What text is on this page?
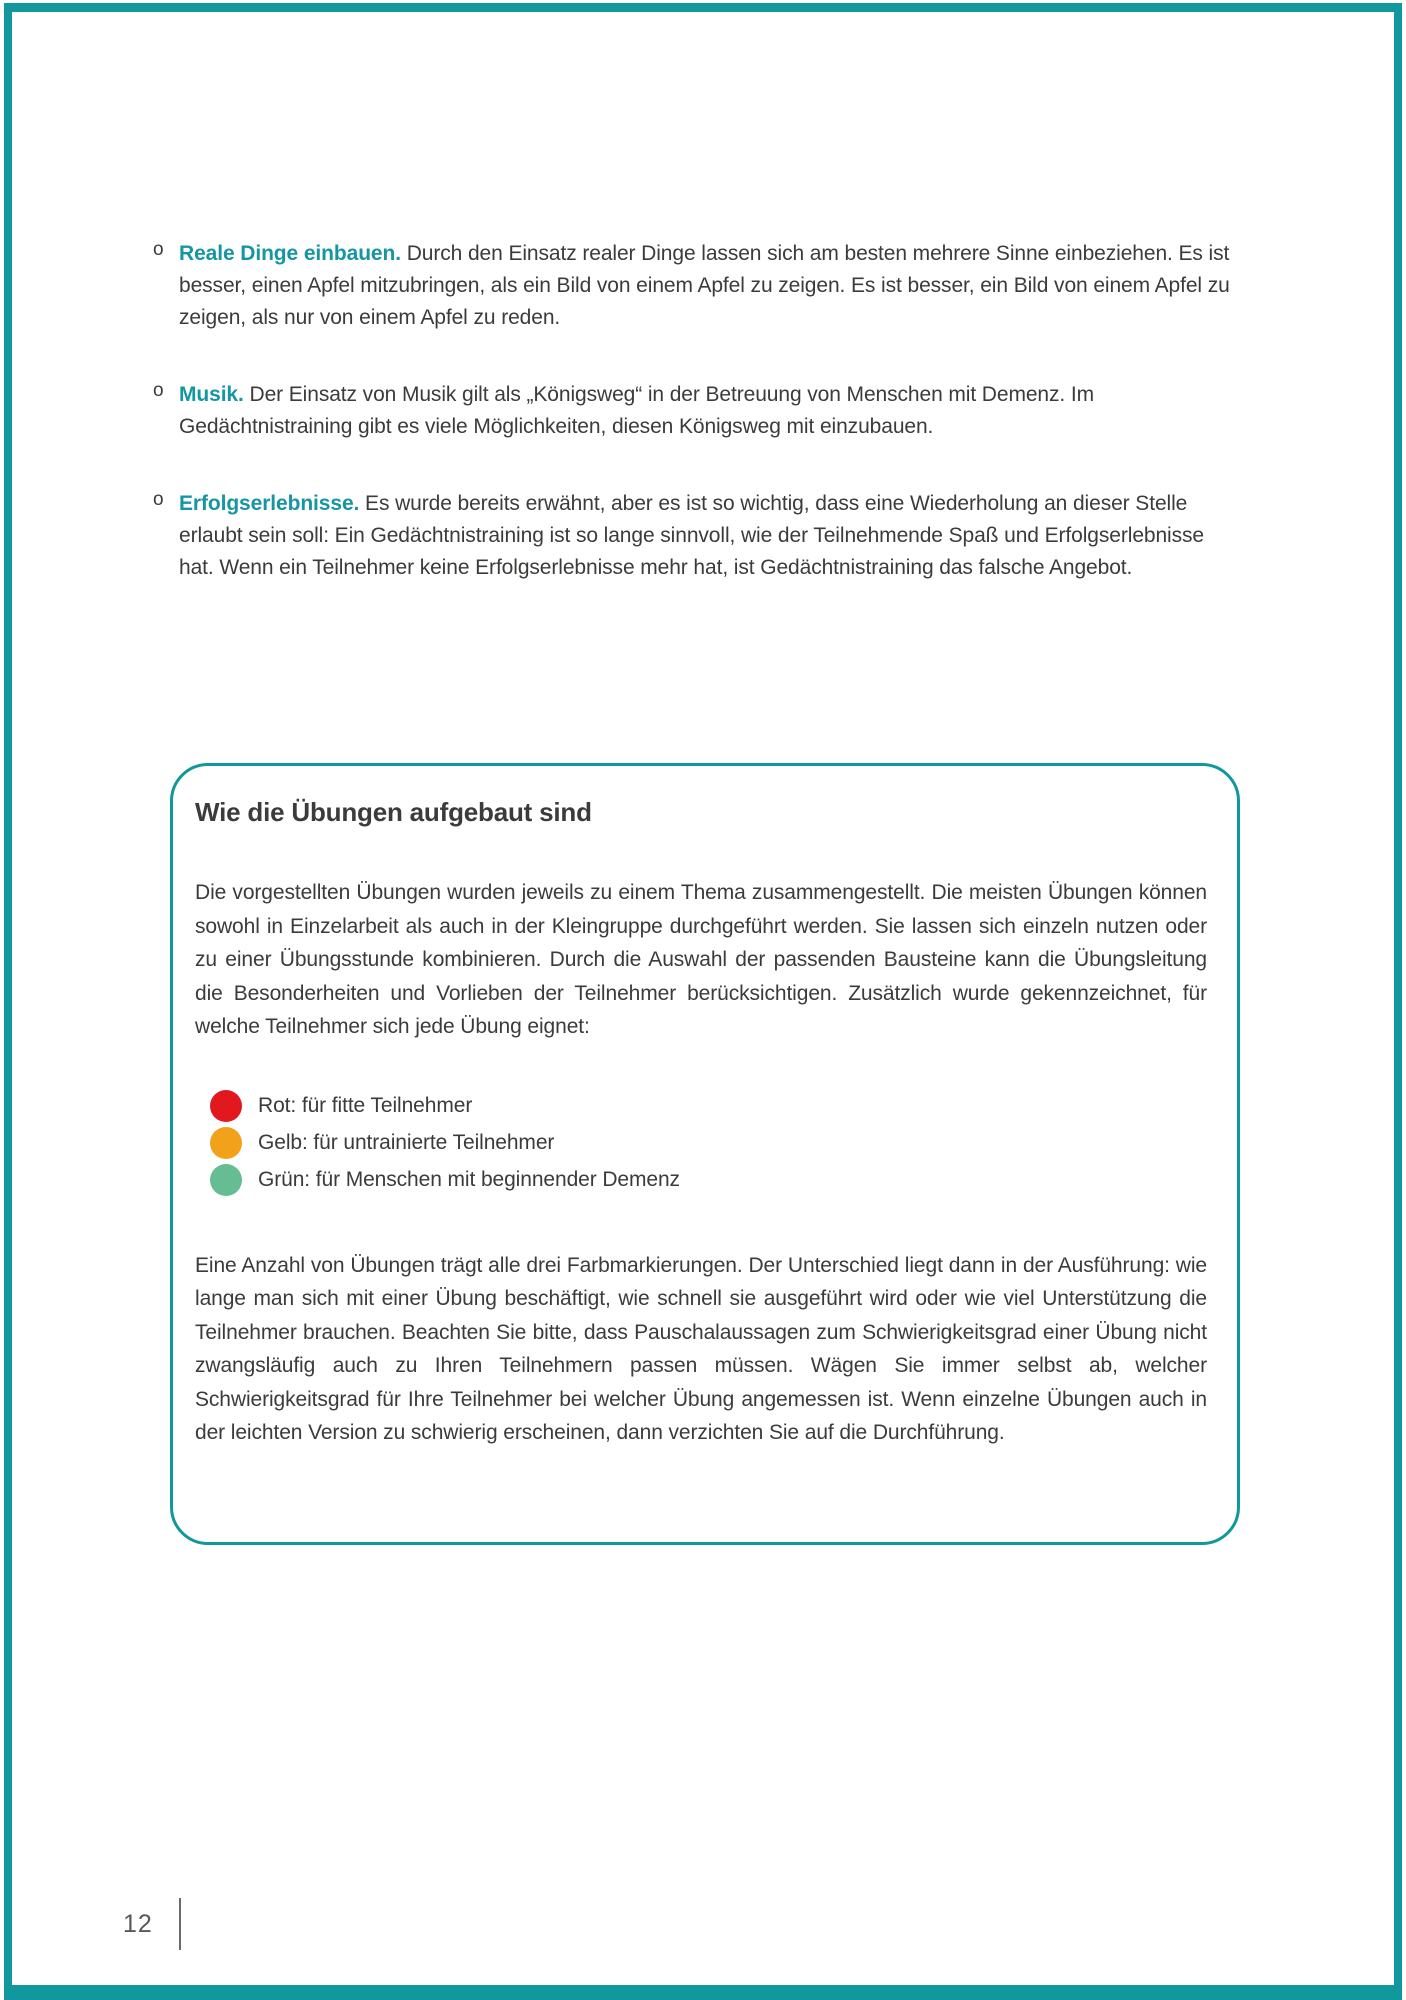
o Reale Dinge einbauen. Durch den Einsatz realer Dinge lassen sich am besten mehrere Sinne einbeziehen. Es ist besser, einen Apfel mitzubringen, als ein Bild von einem Apfel zu zeigen. Es ist besser, ein Bild von einem Apfel zu zeigen, als nur von einem Apfel zu reden.

o Musik. Der Einsatz von Musik gilt als „Königsweg“ in der Betreuung von Menschen mit Demenz. Im Gedächtnistraining gibt es viele Möglichkeiten, diesen Königsweg mit einzubauen.

o Erfolgserlebnisse. Es wurde bereits erwähnt, aber es ist so wichtig, dass eine Wiederholung an dieser Stelle erlaubt sein soll: Ein Gedächtnistraining ist so lange sinnvoll, wie der Teilnehmende Spaß und Erfolgserlebnisse hat. Wenn ein Teilnehmer keine Erfolgserlebnisse mehr hat, ist Gedächtnistraining das falsche Angebot.

Wie die Übungen aufgebaut sind

Die vorgestellten Übungen wurden jeweils zu einem Thema zusammengestellt. Die meisten Übungen können sowohl in Einzelarbeit als auch in der Kleingruppe durchgeführt werden. Sie lassen sich einzeln nutzen oder zu einer Übungsstunde kombinieren. Durch die Auswahl der passenden Bausteine kann die Übungsleitung die Besonderheiten und Vorlieben der Teilnehmer berücksichtigen. Zusätzlich wurde gekennzeichnet, für welche Teilnehmer sich jede Übung eignet:

Rot: für fitte Teilnehmer
Gelb: für untrainierte Teilnehmer
Grün: für Menschen mit beginnender Demenz

Eine Anzahl von Übungen trägt alle drei Farbmarkierungen. Der Unterschied liegt dann in der Ausführung: wie lange man sich mit einer Übung beschäftigt, wie schnell sie ausgeführt wird oder wie viel Unterstützung die Teilnehmer brauchen. Beachten Sie bitte, dass Pauschalaussagen zum Schwierigkeitsgrad einer Übung nicht zwangsläufig auch zu Ihren Teilnehmern passen müssen. Wägen Sie immer selbst ab, welcher Schwierigkeitsgrad für Ihre Teilnehmer bei welcher Übung angemessen ist. Wenn einzelne Übungen auch in der leichten Version zu schwierig erscheinen, dann verzichten Sie auf die Durchführung.

12
